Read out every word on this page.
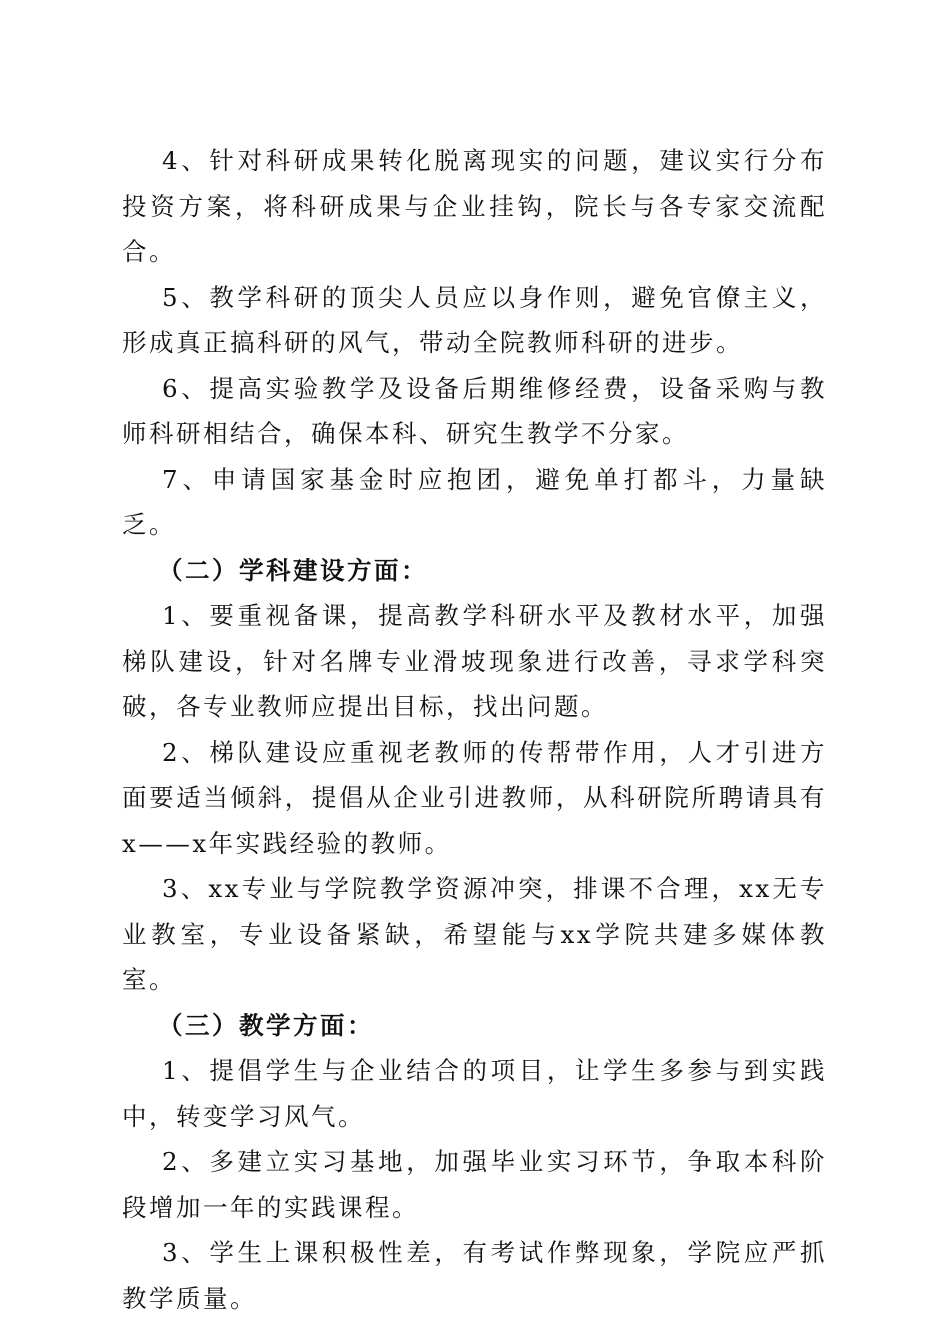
4、针对科研成果转化脱离现实的问题，建议实行分布投资方案，将科研成果与企业挂钩，院长与各专家交流配合。

5、教学科研的顶尖人员应以身作则，避免官僚主义，形成真正搞科研的风气，带动全院教师科研的进步。

6、提高实验教学及设备后期维修经费，设备采购与教师科研相结合，确保本科、研究生教学不分家。

7、申请国家基金时应抱团，避免单打都斗，力量缺乏。

（二）学科建设方面：

1、要重视备课，提高教学科研水平及教材水平，加强梯队建设，针对名牌专业滑坡现象进行改善，寻求学科突破，各专业教师应提出目标，找出问题。

2、梯队建设应重视老教师的传帮带作用，人才引进方面要适当倾斜，提倡从企业引进教师，从科研院所聘请具有x——x年实践经验的教师。

3、xx专业与学院教学资源冲突，排课不合理，xx无专业教室，专业设备紧缺，希望能与xx学院共建多媒体教室。

（三）教学方面：

1、提倡学生与企业结合的项目，让学生多参与到实践中，转变学习风气。

2、多建立实习基地，加强毕业实习环节，争取本科阶段增加一年的实践课程。

3、学生上课积极性差，有考试作弊现象，学院应严抓教学质量。
